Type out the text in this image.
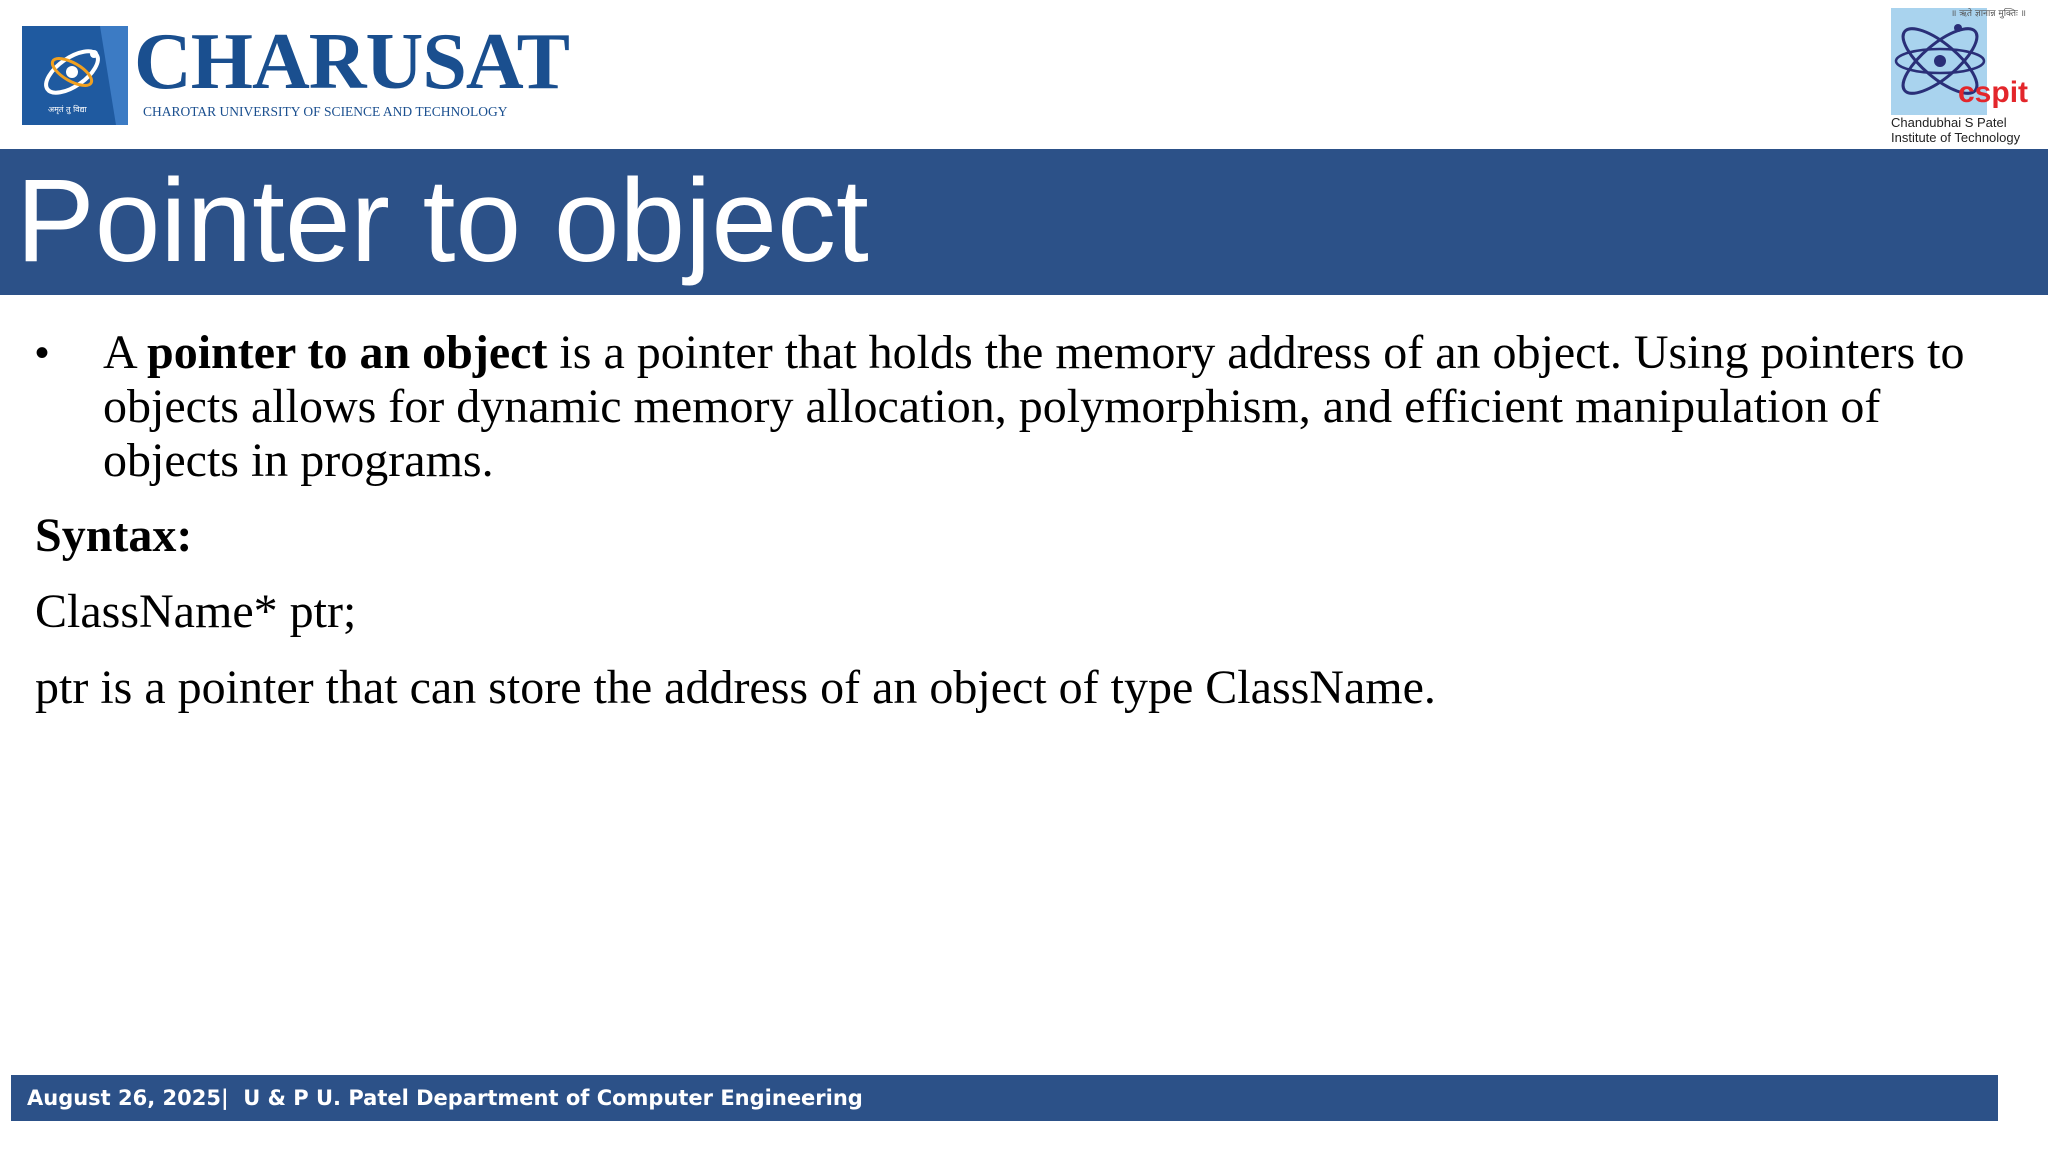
अमृतं तु विद्या
CHARUSAT
CHAROTAR UNIVERSITY OF SCIENCE AND TECHNOLOGY
cspit
॥ ऋते ज्ञानान्न मुक्तिः ॥
Chandubhai S Patel Institute of Technology
Pointer to object
• A pointer to an object is a pointer that holds the memory address of an object. Using pointers to objects allows for dynamic memory allocation, polymorphism, and efficient manipulation of objects in programs.
Syntax:
ClassName* ptr;
ptr is a pointer that can store the address of an object of type ClassName.
August 26, 2025| U & P U. Patel Department of Computer Engineering
